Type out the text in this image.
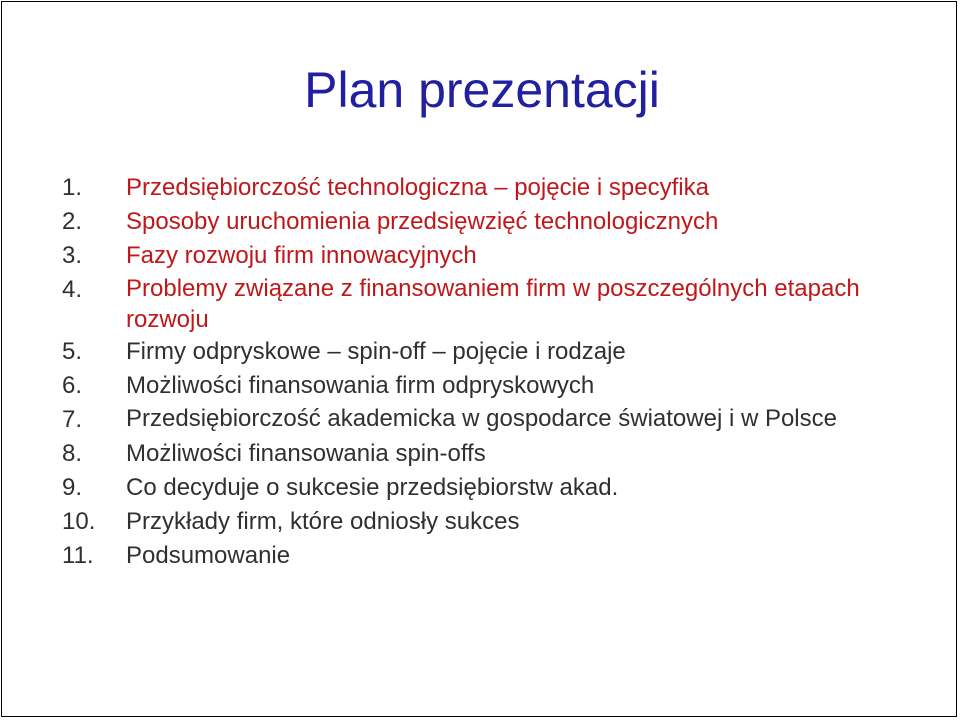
Plan prezentacji
1.	Przedsiębiorczość technologiczna – pojęcie i specyfika
2.	Sposoby uruchomienia przedsięwzięć technologicznych
3.	Fazy rozwoju firm innowacyjnych
4.	Problemy związane z finansowaniem firm w poszczególnych etapach rozwoju
5.	Firmy odpryskowe – spin-off – pojęcie i rodzaje
6.	Możliwości finansowania firm odpryskowych
7.	Przedsiębiorczość akademicka w gospodarce światowej i w Polsce
8.	Możliwości finansowania spin-offs
9.	Co decyduje o sukcesie przedsiębiorstw akad.
10.	Przykłady firm, które odniosły sukces
11.	Podsumowanie
